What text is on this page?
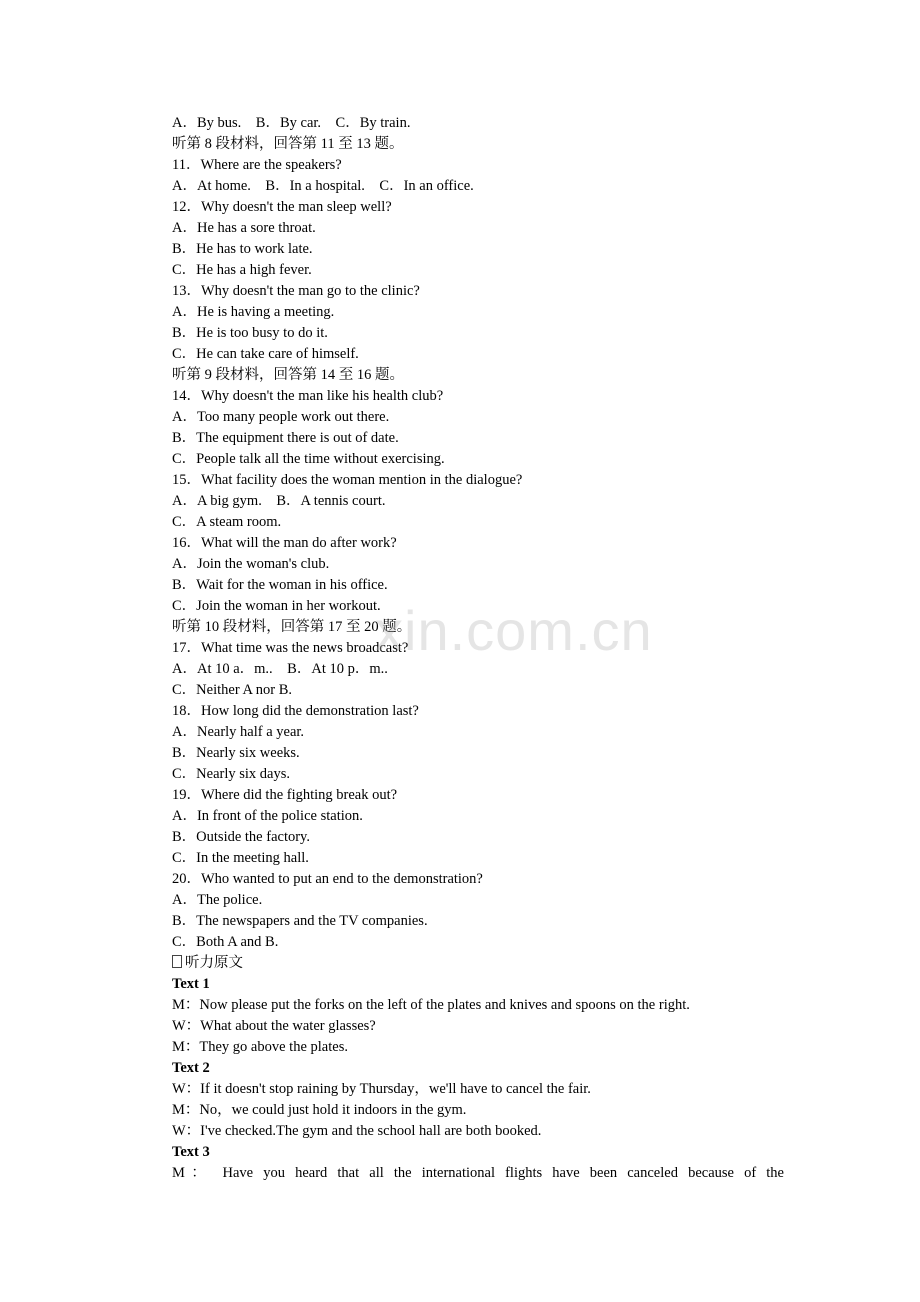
A．By bus.　B．By car.　C．By train.
听第 8 段材料，回答第 11 至 13 题。
11．Where are the speakers?
A．At home.　B．In a hospital.　C．In an office.
12．Why doesn't the man sleep well?
A．He has a sore throat.
B．He has to work late.
C．He has a high fever.
13．Why doesn't the man go to the clinic?
A．He is having a meeting.
B．He is too busy to do it.
C．He can take care of himself.
听第 9 段材料，回答第 14 至 16 题。
14．Why doesn't the man like his health club?
A．Too many people work out there.
B．The equipment there is out of date.
C．People talk all the time without exercising.
15．What facility does the woman mention in the dialogue?
A．A big gym.　B．A tennis court.
C．A steam room.
16．What will the man do after work?
A．Join the woman's club.
B．Wait for the woman in his office.
C．Join the woman in her workout.
听第 10 段材料，回答第 17 至 20 题。
17．What time was the news broadcast?
A．At 10 a．m..　B．At 10 p．m..
C．Neither A nor B.
18．How long did the demonstration last?
A．Nearly half a year.
B．Nearly six weeks.
C．Nearly six days.
19．Where did the fighting break out?
A．In front of the police station.
B．Outside the factory.
C．In the meeting hall.
20．Who wanted to put an end to the demonstration?
A．The police.
B．The newspapers and the TV companies.
C．Both A and B.
听力原文
Text 1
M：Now please put the forks on the left of the plates and knives and spoons on the right.
W：What about the water glasses?
M：They go above the plates.
Text 2
W：If it doesn't stop raining by Thursday，we'll have to cancel the fair.
M：No，we could just hold it indoors in the gym.
W：I've checked.The gym and the school hall are both booked.
Text 3
M： Have you heard that all the international flights have been canceled because of the
xin.com.cn
